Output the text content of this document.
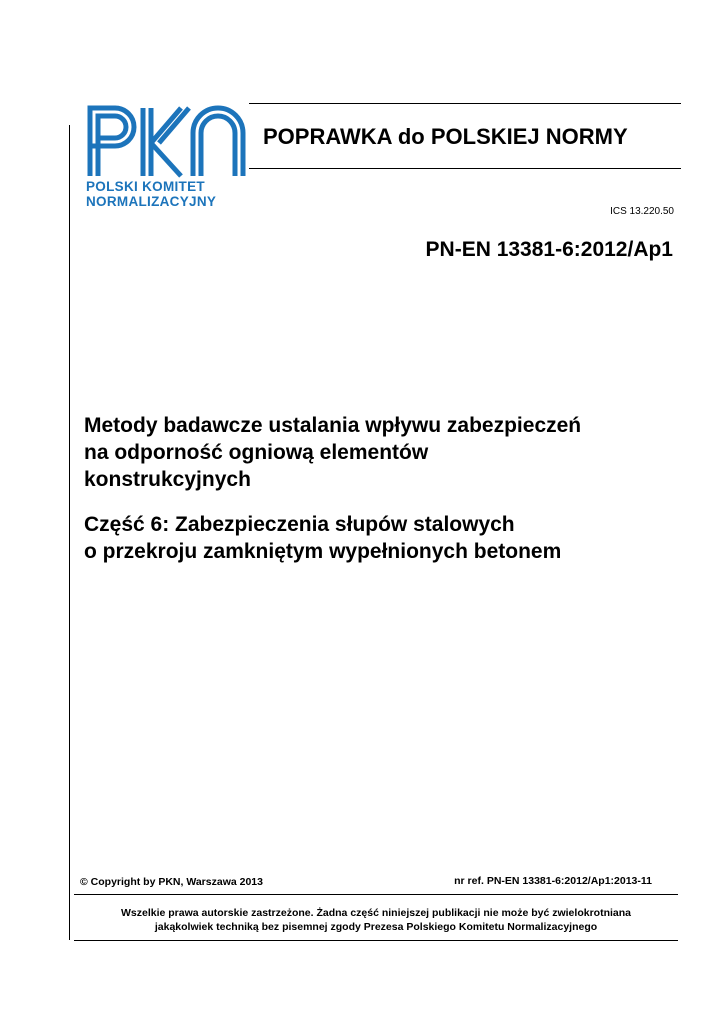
POLSKI KOMITET
NORMALIZACYJNY
POPRAWKA do POLSKIEJ NORMY
ICS 13.220.50
PN-EN 13381-6:2012/Ap1
Metody badawcze ustalania wpływu zabezpieczeń
na odporność ogniową elementów
konstrukcyjnych
Część 6: Zabezpieczenia słupów stalowych
o przekroju zamkniętym wypełnionych betonem
© Copyright by PKN, Warszawa 2013	nr ref. PN-EN 13381-6:2012/Ap1:2013-11
Wszelkie prawa autorskie zastrzeżone. Żadna część niniejszej publikacji nie może być zwielokrotniana
jakąkolwiek techniką bez pisemnej zgody Prezesa Polskiego Komitetu Normalizacyjnego
